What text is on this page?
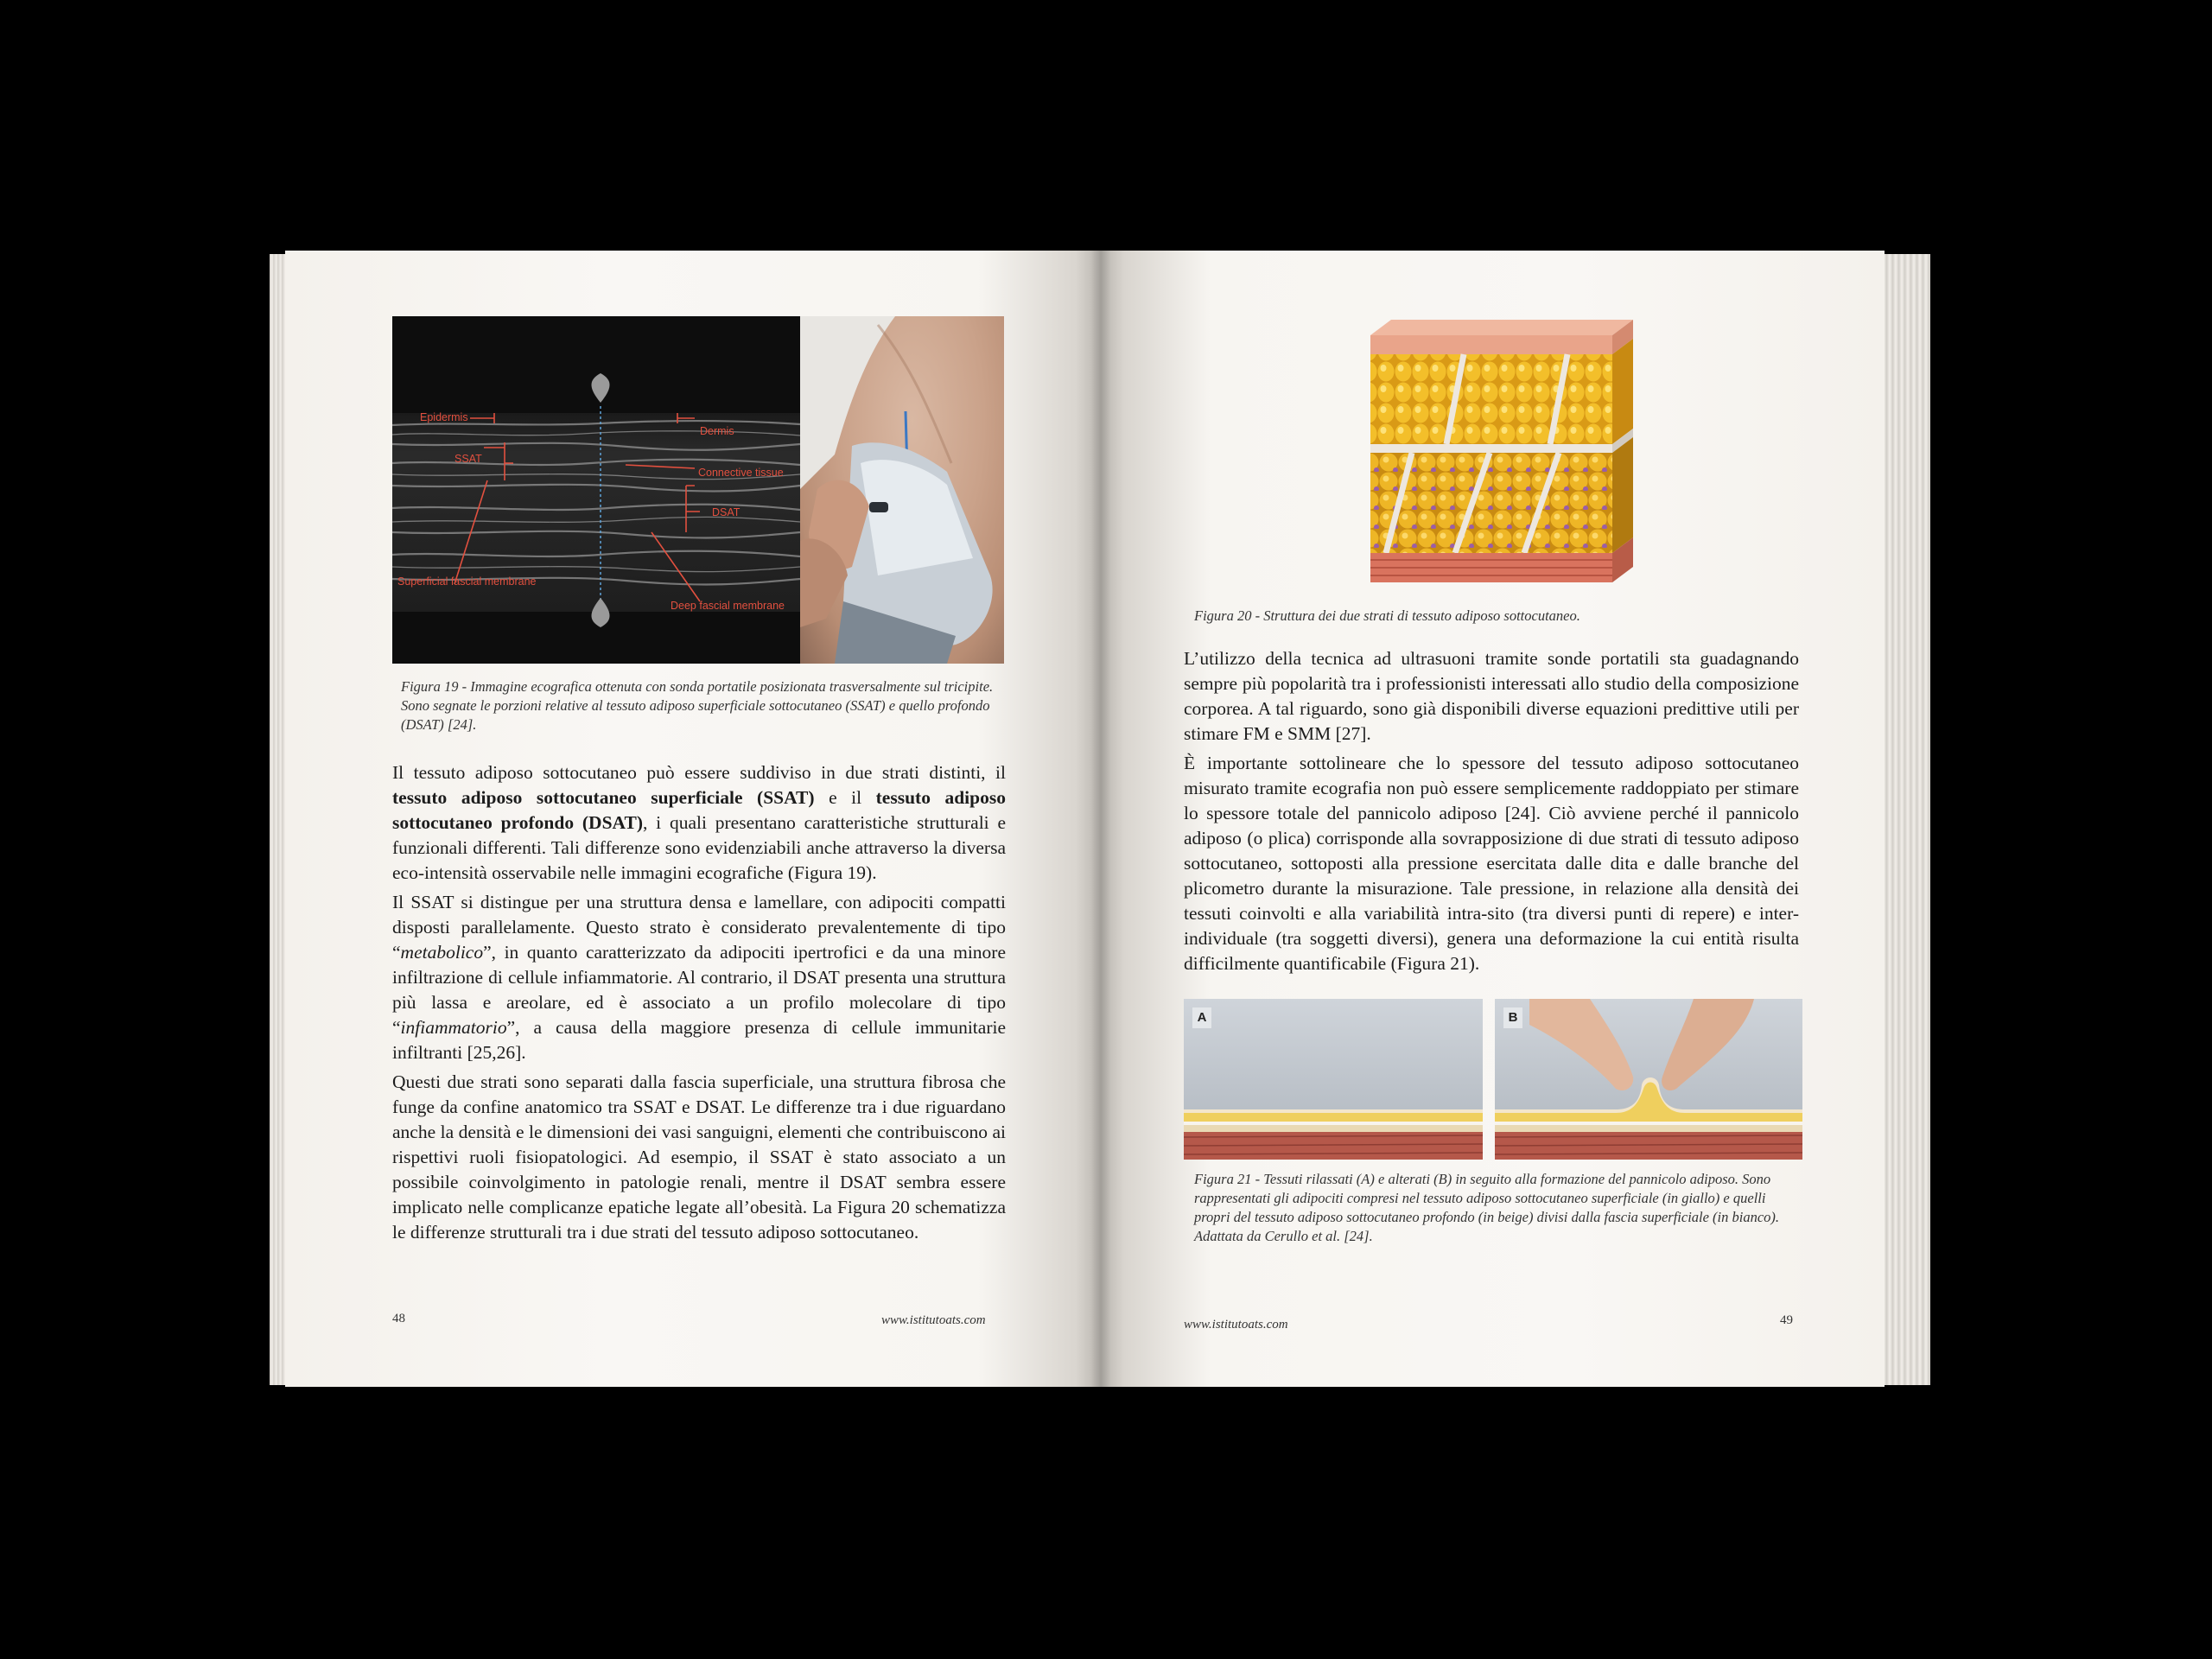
Epidermis
Dermis
SSAT
Connective tissue
DSAT
Superficial fascial membrane
Deep fascial membrane
Figura 19 - Immagine ecografica ottenuta con sonda portatile posizionata trasversalmente sul tricipite. Sono segnate le porzioni relative al tessuto adiposo superficiale sottocutaneo (SSAT) e quello profondo (DSAT) [24].

Il tessuto adiposo sottocutaneo può essere suddiviso in due strati distinti, il tessuto adiposo sottocutaneo superficiale (SSAT) e il tessuto adiposo sottocutaneo profondo (DSAT), i quali presentano caratteristiche strutturali e funzionali differenti. Tali differenze sono evidenziabili anche attraverso la diversa eco-intensità osservabile nelle immagini ecografiche (Figura 19).

Il SSAT si distingue per una struttura densa e lamellare, con adipociti compatti disposti parallelamente. Questo strato è considerato prevalentemente di tipo “metabolico”, in quanto caratterizzato da adipociti ipertrofici e da una minore infiltrazione di cellule infiammatorie. Al contrario, il DSAT presenta una struttura più lassa e areolare, ed è associato a un profilo molecolare di tipo “infiammatorio”, a causa della maggiore presenza di cellule immunitarie infiltranti [25,26].

Questi due strati sono separati dalla fascia superficiale, una struttura fibrosa che funge da confine anatomico tra SSAT e DSAT. Le differenze tra i due riguardano anche la densità e le dimensioni dei vasi sanguigni, elementi che contribuiscono ai rispettivi ruoli fisiopatologici. Ad esempio, il SSAT è stato associato a un possibile coinvolgimento in patologie renali, mentre il DSAT sembra essere implicato nelle complicanze epatiche legate all’obesità. La Figura 20 schematizza le differenze strutturali tra i due strati del tessuto adiposo sottocutaneo.

48	www.istitutoats.com
Figura 20 - Struttura dei due strati di tessuto adiposo sottocutaneo.

L’utilizzo della tecnica ad ultrasuoni tramite sonde portatili sta guadagnando sempre più popolarità tra i professionisti interessati allo studio della composizione corporea. A tal riguardo, sono già disponibili diverse equazioni predittive utili per stimare FM e SMM [27].

È importante sottolineare che lo spessore del tessuto adiposo sottocutaneo misurato tramite ecografia non può essere semplicemente raddoppiato per stimare lo spessore totale del pannicolo adiposo [24]. Ciò avviene perché il pannicolo adiposo (o plica) corrisponde alla sovrapposizione di due strati di tessuto adiposo sottocutaneo, sottoposti alla pressione esercitata dalle dita e dalle branche del plicometro durante la misurazione. Tale pressione, in relazione alla densità dei tessuti coinvolti e alla variabilità intra-sito (tra diversi punti di repere) e inter-individuale (tra soggetti diversi), genera una deformazione la cui entità risulta difficilmente quantificabile (Figura 21).

A	B
Figura 21 - Tessuti rilassati (A) e alterati (B) in seguito alla formazione del pannicolo adiposo. Sono rappresentati gli adipociti compresi nel tessuto adiposo sottocutaneo superficiale (in giallo) e quelli propri del tessuto adiposo sottocutaneo profondo (in beige) divisi dalla fascia superficiale (in bianco). Adattata da Cerullo et al. [24].
www.istitutoats.com	49
